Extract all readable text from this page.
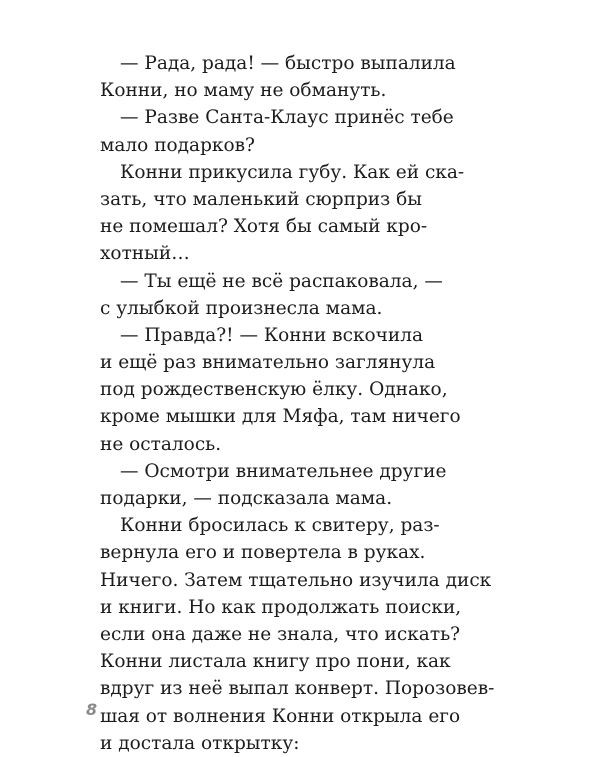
— Рада, рада! — быстро выпалила
Конни, но маму не обмануть.
— Разве Санта-Клаус принёс тебе
мало подарков?
Конни прикусила губу. Как ей ска-
зать, что маленький сюрприз бы
не помешал? Хотя бы самый кро-
хотный…
— Ты ещё не всё распаковала, —
с улыбкой произнесла мама.
— Правда?! — Конни вскочила
и ещё раз внимательно заглянула
под рождественскую ёлку. Однако,
кроме мышки для Мяфа, там ничего
не осталось.
— Осмотри внимательнее другие
подарки, — подсказала мама.
Конни бросилась к свитеру, раз-
вернула его и повертела в руках.
Ничего. Затем тщательно изучила диск
и книги. Но как продолжать поиски,
если она даже не знала, что искать?
Конни листала книгу про пони, как
вдруг из неё выпал конверт. Порозовев-
шая от волнения Конни открыла его
и достала открытку:
8
